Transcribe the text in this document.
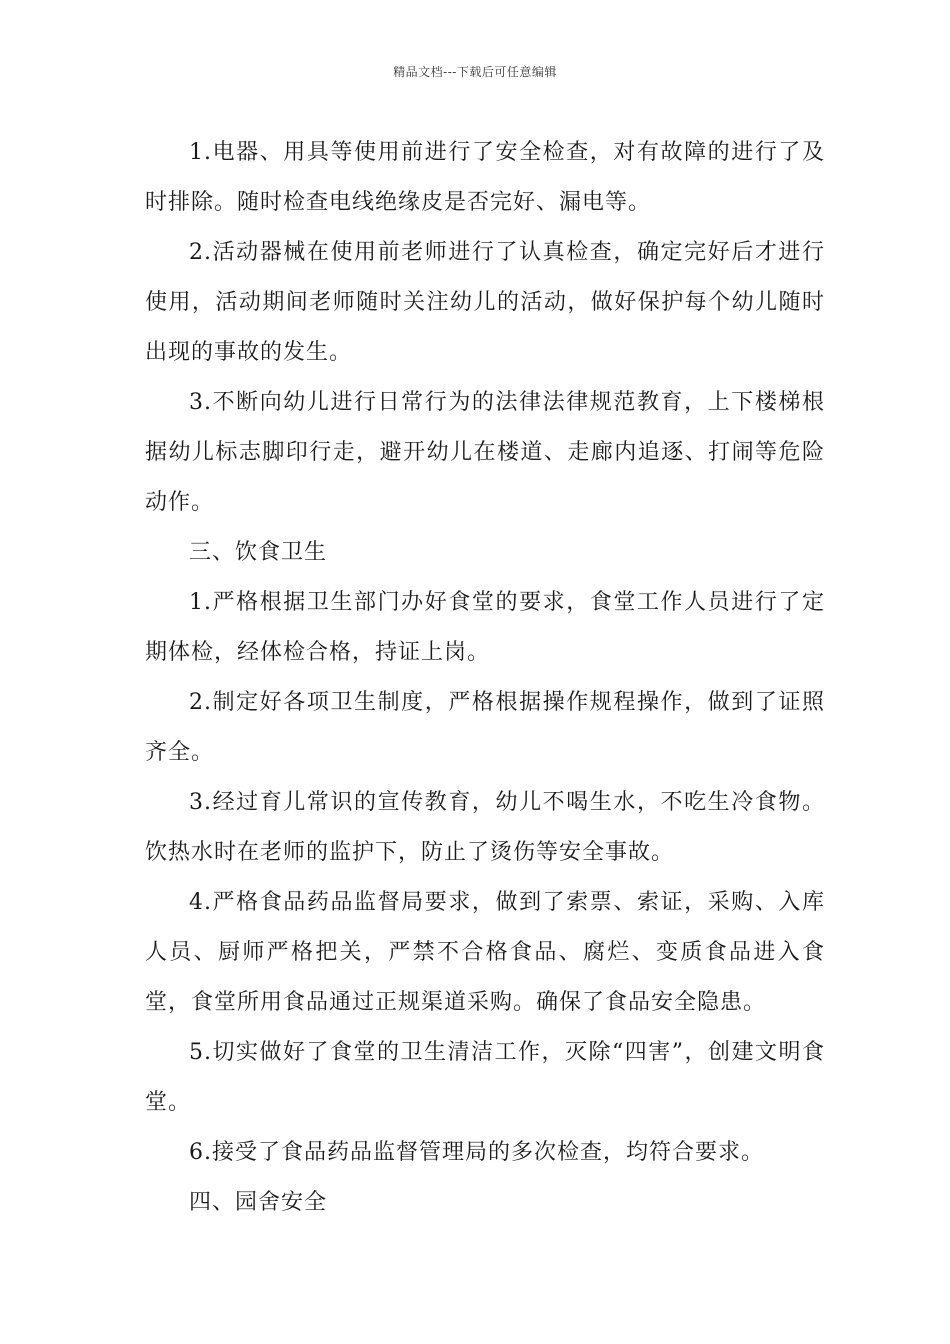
精品文档---下载后可任意编辑

1.电器、用具等使用前进行了安全检查，对有故障的进行了及时排除。随时检查电线绝缘皮是否完好、漏电等。

2.活动器械在使用前老师进行了认真检查，确定完好后才进行使用，活动期间老师随时关注幼儿的活动，做好保护每个幼儿随时出现的事故的发生。

3.不断向幼儿进行日常行为的法律法律规范教育，上下楼梯根据幼儿标志脚印行走，避开幼儿在楼道、走廊内追逐、打闹等危险动作。

三、饮食卫生

1.严格根据卫生部门办好食堂的要求，食堂工作人员进行了定期体检，经体检合格，持证上岗。

2.制定好各项卫生制度，严格根据操作规程操作，做到了证照齐全。

3.经过育儿常识的宣传教育，幼儿不喝生水，不吃生冷食物。饮热水时在老师的监护下，防止了烫伤等安全事故。

4.严格食品药品监督局要求，做到了索票、索证，采购、入库人员、厨师严格把关，严禁不合格食品、腐烂、变质食品进入食堂，食堂所用食品通过正规渠道采购。确保了食品安全隐患。

5.切实做好了食堂的卫生清洁工作，灭除“四害”，创建文明食堂。

6.接受了食品药品监督管理局的多次检查，均符合要求。

四、园舍安全
